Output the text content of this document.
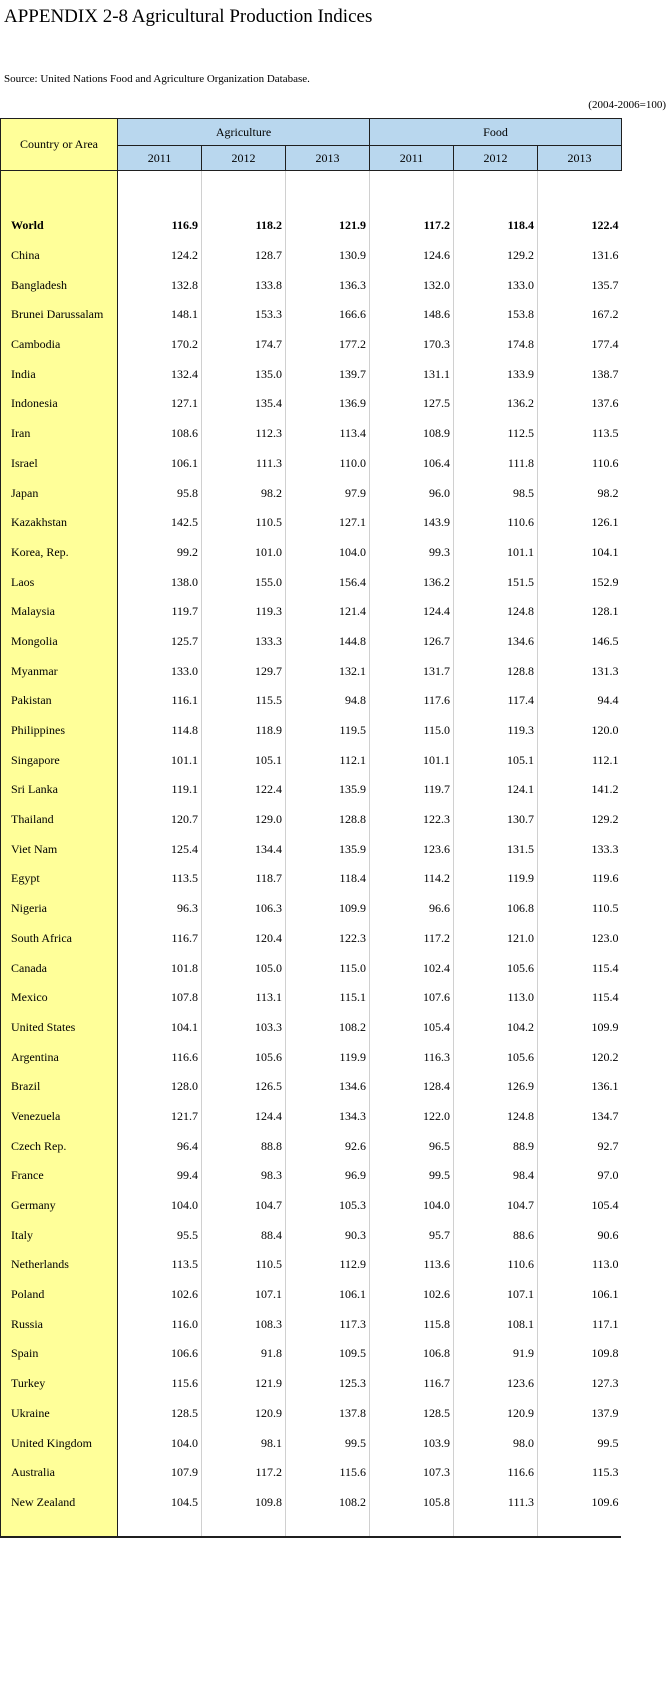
APPENDIX 2-8 Agricultural Production Indices
Source: United Nations Food and Agriculture Organization Database.
(2004-2006=100)
Country or Area	Agriculture			Food		
	2011	2012	2013	2011	2012	2013

World	116.9	118.2	121.9	117.2	118.4	122.4
China	124.2	128.7	130.9	124.6	129.2	131.6
Bangladesh	132.8	133.8	136.3	132.0	133.0	135.7
Brunei Darussalam	148.1	153.3	166.6	148.6	153.8	167.2
Cambodia	170.2	174.7	177.2	170.3	174.8	177.4
India	132.4	135.0	139.7	131.1	133.9	138.7
Indonesia	127.1	135.4	136.9	127.5	136.2	137.6
Iran	108.6	112.3	113.4	108.9	112.5	113.5
Israel	106.1	111.3	110.0	106.4	111.8	110.6
Japan	95.8	98.2	97.9	96.0	98.5	98.2
Kazakhstan	142.5	110.5	127.1	143.9	110.6	126.1
Korea, Rep.	99.2	101.0	104.0	99.3	101.1	104.1
Laos	138.0	155.0	156.4	136.2	151.5	152.9
Malaysia	119.7	119.3	121.4	124.4	124.8	128.1
Mongolia	125.7	133.3	144.8	126.7	134.6	146.5
Myanmar	133.0	129.7	132.1	131.7	128.8	131.3
Pakistan	116.1	115.5	94.8	117.6	117.4	94.4
Philippines	114.8	118.9	119.5	115.0	119.3	120.0
Singapore	101.1	105.1	112.1	101.1	105.1	112.1
Sri Lanka	119.1	122.4	135.9	119.7	124.1	141.2
Thailand	120.7	129.0	128.8	122.3	130.7	129.2
Viet Nam	125.4	134.4	135.9	123.6	131.5	133.3
Egypt	113.5	118.7	118.4	114.2	119.9	119.6
Nigeria	96.3	106.3	109.9	96.6	106.8	110.5
South Africa	116.7	120.4	122.3	117.2	121.0	123.0
Canada	101.8	105.0	115.0	102.4	105.6	115.4
Mexico	107.8	113.1	115.1	107.6	113.0	115.4
United States	104.1	103.3	108.2	105.4	104.2	109.9
Argentina	116.6	105.6	119.9	116.3	105.6	120.2
Brazil	128.0	126.5	134.6	128.4	126.9	136.1
Venezuela	121.7	124.4	134.3	122.0	124.8	134.7
Czech Rep.	96.4	88.8	92.6	96.5	88.9	92.7
France	99.4	98.3	96.9	99.5	98.4	97.0
Germany	104.0	104.7	105.3	104.0	104.7	105.4
Italy	95.5	88.4	90.3	95.7	88.6	90.6
Netherlands	113.5	110.5	112.9	113.6	110.6	113.0
Poland	102.6	107.1	106.1	102.6	107.1	106.1
Russia	116.0	108.3	117.3	115.8	108.1	117.1
Spain	106.6	91.8	109.5	106.8	91.9	109.8
Turkey	115.6	121.9	125.3	116.7	123.6	127.3
Ukraine	128.5	120.9	137.8	128.5	120.9	137.9
United Kingdom	104.0	98.1	99.5	103.9	98.0	99.5
Australia	107.9	117.2	115.6	107.3	116.6	115.3
New Zealand	104.5	109.8	108.2	105.8	111.3	109.6
